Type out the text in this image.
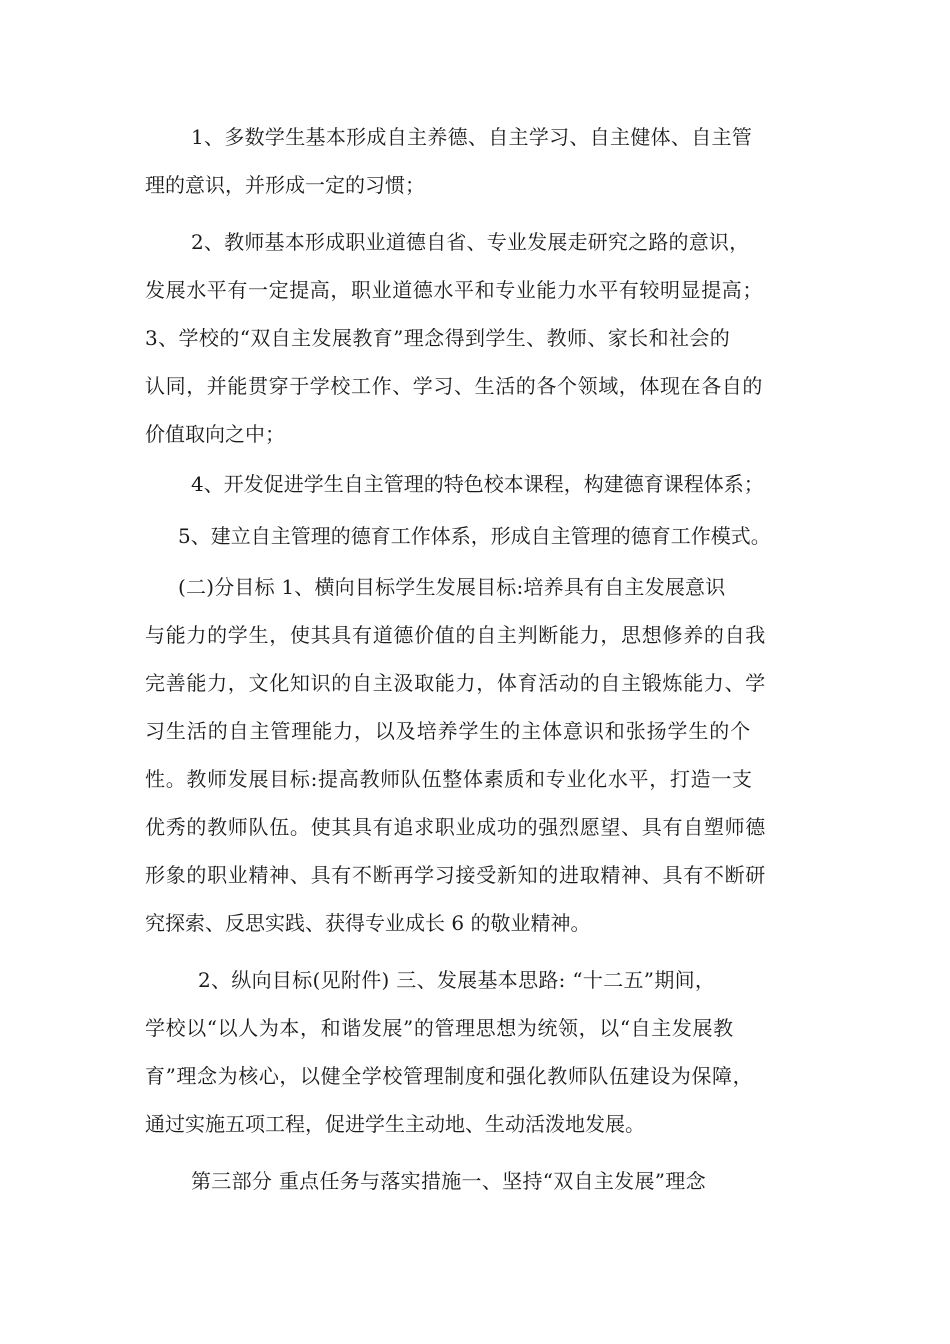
1、多数学生基本形成自主养德、自主学习、自主健体、自主管

理的意识，并形成一定的习惯；

2、教师基本形成职业道德自省、专业发展走研究之路的意识，

发展水平有一定提高，职业道德水平和专业能力水平有较明显提高；

3、学校的“双自主发展教育”理念得到学生、教师、家长和社会的

认同，并能贯穿于学校工作、学习、生活的各个领域，体现在各自的

价值取向之中；

4、开发促进学生自主管理的特色校本课程，构建德育课程体系；

5、建立自主管理的德育工作体系，形成自主管理的德育工作模式。

(二)分目标 1、横向目标学生发展目标:培养具有自主发展意识

与能力的学生，使其具有道德价值的自主判断能力，思想修养的自我

完善能力，文化知识的自主汲取能力，体育活动的自主锻炼能力、学

习生活的自主管理能力，以及培养学生的主体意识和张扬学生的个

性。教师发展目标:提高教师队伍整体素质和专业化水平，打造一支

优秀的教师队伍。使其具有追求职业成功的强烈愿望、具有自塑师德

形象的职业精神、具有不断再学习接受新知的进取精神、具有不断研

究探索、反思实践、获得专业成长 6 的敬业精神。

2、纵向目标(见附件) 三、发展基本思路: “十二五”期间，

学校以“以人为本，和谐发展”的管理思想为统领，以“自主发展教

育”理念为核心，以健全学校管理制度和强化教师队伍建设为保障，

通过实施五项工程，促进学生主动地、生动活泼地发展。

第三部分 重点任务与落实措施一、坚持“双自主发展”理念
